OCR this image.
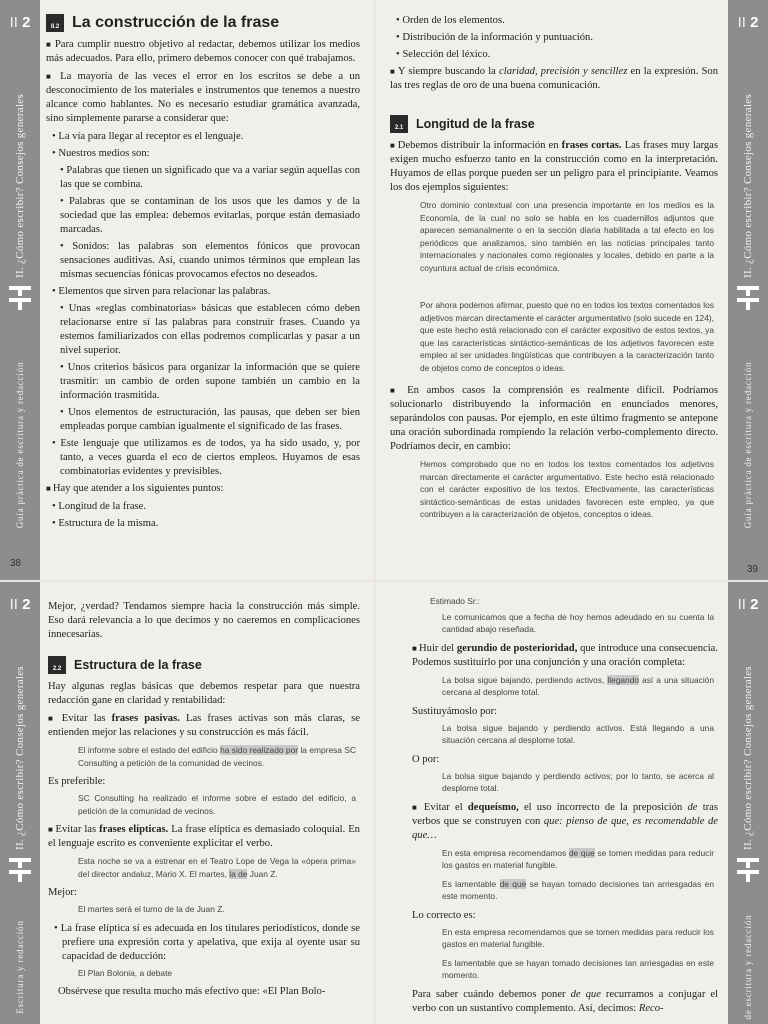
II 2
II. ¿Cómo escribir? Consejos generales
Guía práctica de escritura y redacción
38
II.2 La construcción de la frase

■ Para cumplir nuestro objetivo al redactar, debemos utilizar los medios más adecuados. Para ello, primero debemos conocer con qué trabajamos.

■ La mayoría de las veces el error en los escritos se debe a un desconocimiento de los materiales e instrumentos que tenemos a nuestro alcance como hablantes. No es necesario estudiar gramática avanzada, sino simplemente pararse a considerar que:

• La vía para llegar al receptor es el lenguaje.

• Nuestros medios son:

• Palabras que tienen un significado que va a variar según aquellas con las que se combina.

• Palabras que se contaminan de los usos que les damos y de la sociedad que las emplea: debemos evitarlas, porque están demasiado marcadas.

• Sonidos: las palabras son elementos fónicos que provocan sensaciones auditivas. Así, cuando unimos términos que emplean las mismas secuencias fónicas provocamos efectos no deseados.

• Elementos que sirven para relacionar las palabras.

• Unas «reglas combinatorias» básicas que establecen cómo deben relacionarse entre sí las palabras para construir frases. Cuando ya estemos familiarizados con ellas podremos complicarlas y pasar a un nivel superior.

• Unos criterios básicos para organizar la información que se quiere trasmitir: un cambio de orden supone también un cambio en la información trasmitida.

• Unos elementos de estructuración, las pausas, que deben ser bien empleadas porque cambian igualmente el significado de las frases.

• Este lenguaje que utilizamos es de todos, ya ha sido usado, y, por tanto, a veces guarda el eco de ciertos empleos. Huyamos de esas combinatorias evidentes y previsibles.

■ Hay que atender a los siguientes puntos:

• Longitud de la frase.

• Estructura de la misma.

II 2
II. ¿Cómo escribir? Consejos generales
Guía práctica de escritura y redacción
39

• Orden de los elementos.

• Distribución de la información y puntuación.

• Selección del léxico.

■ Y siempre buscando la claridad, precisión y sencillez en la expresión. Son las tres reglas de oro de una buena comunicación.

2.1	Longitud de la frase

■ Debemos distribuir la información en frases cortas. Las frases muy largas exigen mucho esfuerzo tanto en la construcción como en la interpretación. Huyamos de ellas porque pueden ser un peligro para el principiante. Veamos los dos ejemplos siguientes:

Otro dominio contextual con una presencia importante en los medios es la Economía, de la cual no solo se habla en los cuadernillos adjuntos que aparecen semanalmente o en la sección diaria habilitada a tal efecto en los periódicos que analizamos, sino también en las noticias principales tanto internacionales y nacionales como regionales y locales, debido en parte a la coyuntura actual de crisis económica.

Por ahora podemos afirmar, puesto que no en todos los textos comentados los adjetivos marcan directamente el carácter argumentativo (solo sucede en 124), que este hecho está relacionado con el carácter expositivo de estos textos, ya que las características sintáctico-semánticas de los adjetivos favorecen este empleo al ser unidades lingüísticas que contribuyen a la caracterización tanto de objetos como de conceptos o ideas.

■ En ambos casos la comprensión es realmente difícil. Podríamos solucionarlo distribuyendo la información en enunciados menores, separándolos con pausas. Por ejemplo, en este último fragmento se antepone una oración subordinada rompiendo la relación verbo-complemento directo. Podríamos decir, en cambio:

Hemos comprobado que no en todos los textos comentados los adjetivos marcan directamente el carácter argumentativo. Este hecho está relacionado con el carácter expositivo de los textos. Efectivamente, las características sintáctico-semánticas de estas unidades favorecen este empleo, ya que contribuyen a la caracterización de objetos, conceptos o ideas.

II 2
II. ¿Cómo escribir? Consejos generales
Escritura y redacción

Mejor, ¿verdad? Tendamos siempre hacia la construcción más simple. Eso dará relevancia a lo que decimos y no caeremos en complicaciones innecesarias.

2.2	Estructura de la frase

Hay algunas reglas básicas que debemos respetar para que nuestra redacción gane en claridad y rentabilidad:

■ Evitar las frases pasivas. Las frases activas son más claras, se entienden mejor las relaciones y su construcción es más fácil.

El informe sobre el estado del edificio ha sido realizado por la empresa SC Consulting a petición de la comunidad de vecinos.

Es preferible:

SC Consulting ha realizado el informe sobre el estado del edificio, a petición de la comunidad de vecinos.

■ Evitar las frases elípticas. La frase elíptica es demasiado coloquial. En el lenguaje escrito es conveniente explicitar el verbo.

Esta noche se va a estrenar en el Teatro Lope de Vega la «ópera prima» del director andaluz, Mario X. El martes, la de Juan Z.

Mejor:

El martes será el turno de la de Juan Z.

• La frase elíptica sí es adecuada en los titulares periodísticos, donde se prefiere una expresión corta y apelativa, que exija al oyente usar su capacidad de deducción:

El Plan Bolonia, a debate

Obsérvese que resulta mucho más efectivo que: «El Plan Bolo-

II 2
II. ¿Cómo escribir? Consejos generales
de escritura y redacción

Estimado Sr.:

Le comunicamos que a fecha de hoy hemos adeudado en su cuenta la cantidad abajo reseñada.

■ Huir del gerundio de posterioridad, que introduce una consecuencia. Podemos sustituirlo por una conjunción y una oración completa:

La bolsa sigue bajando, perdiendo activos, llegando así a una situación cercana al desplome total.

Sustituyámoslo por:

La bolsa sigue bajando y perdiendo activos. Está llegando a una situación cercana al desplome total.

O por:

La bolsa sigue bajando y perdiendo activos; por lo tanto, se acerca al desplome total.

■ Evitar el dequeísmo, el uso incorrecto de la preposición de tras verbos que se construyen con que: pienso de que, es recomendable de que…

En esta empresa recomendamos de que se tomen medidas para reducir los gastos en material fungible.

Es lamentable de que se hayan tomado decisiones tan arriesgadas en este momento.

Lo correcto es:

En esta empresa recomendamos que se tomen medidas para reducir los gastos en material fungible.

Es lamentable que se hayan tomado decisiones tan arriesgadas en este momento.

Para saber cuándo debemos poner de que recurramos a conjugar el verbo con un sustantivo complemento. Así, decimos: Reco-
